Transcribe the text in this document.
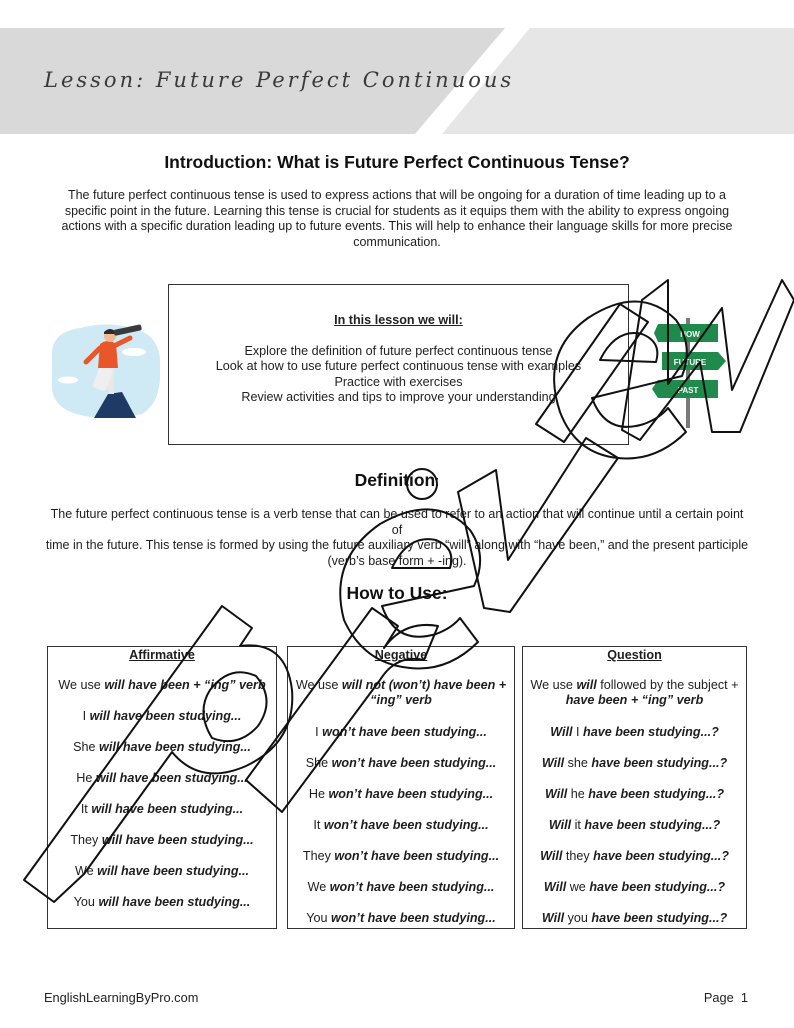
Lesson: Future Perfect Continuous
Introduction: What is Future Perfect Continuous Tense?
The future perfect continuous tense is used to express actions that will be ongoing for a duration of time leading up to a
specific point in the future. Learning this tense is crucial for students as it equips them with the ability to express ongoing
actions with a specific duration leading up to future events. This will help to enhance their language skills for more precise
communication.
In this lesson we will:
Explore the definition of future perfect continuous tense
Look at how to use future perfect continuous tense with examples
Practice with exercises
Review activities and tips to improve your understanding
NOW
FUTURE
PAST
Definition:
The future perfect continuous tense is a verb tense that can be used to refer to an action that will continue until a certain point of
time in the future. This tense is formed by using the future auxiliary verb “will” along with “have been,” and the present participle
(verb’s base form + -ing).
How to Use:
Affirmative
We use will have been + “ing” verb
I will have been studying...
She will have been studying...
He will have been studying...
It will have been studying...
They will have been studying...
We will have been studying...
You will have been studying...
Negative
We use will not (won’t) have been +
“ing” verb
I won’t have been studying...
She won’t have been studying...
He won’t have been studying...
It won’t have been studying...
They won’t have been studying...
We won’t have been studying...
You won’t have been studying...
Question
We use will followed by the subject +
have been + “ing” verb
Will I have been studying...?
Will she have been studying...?
Will he have been studying...?
Will it have been studying...?
Will they have been studying...?
Will we have been studying...?
Will you have been studying...?
EnglishLearningByPro.com	Page  1
